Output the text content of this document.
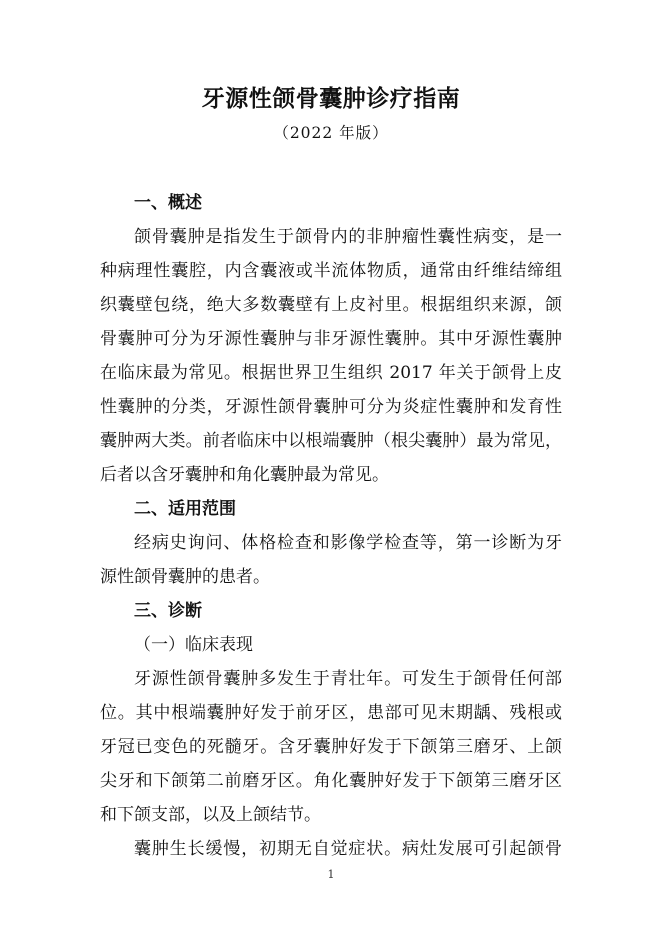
牙源性颌骨囊肿诊疗指南
（2022 年版）
一、概述
颌骨囊肿是指发生于颌骨内的非肿瘤性囊性病变，是一
种病理性囊腔，内含囊液或半流体物质，通常由纤维结缔组
织囊壁包绕，绝大多数囊壁有上皮衬里。根据组织来源，颌
骨囊肿可分为牙源性囊肿与非牙源性囊肿。其中牙源性囊肿
在临床最为常见。根据世界卫生组织 2017 年关于颌骨上皮
性囊肿的分类，牙源性颌骨囊肿可分为炎症性囊肿和发育性
囊肿两大类。前者临床中以根端囊肿（根尖囊肿）最为常见，
后者以含牙囊肿和角化囊肿最为常见。
二、适用范围
经病史询问、体格检查和影像学检查等，第一诊断为牙
源性颌骨囊肿的患者。
三、诊断
（一）临床表现
牙源性颌骨囊肿多发生于青壮年。可发生于颌骨任何部
位。其中根端囊肿好发于前牙区，患部可见末期龋、残根或
牙冠已变色的死髓牙。含牙囊肿好发于下颌第三磨牙、上颌
尖牙和下颌第二前磨牙区。角化囊肿好发于下颌第三磨牙区
和下颌支部，以及上颌结节。
囊肿生长缓慢，初期无自觉症状。病灶发展可引起颌骨
1
